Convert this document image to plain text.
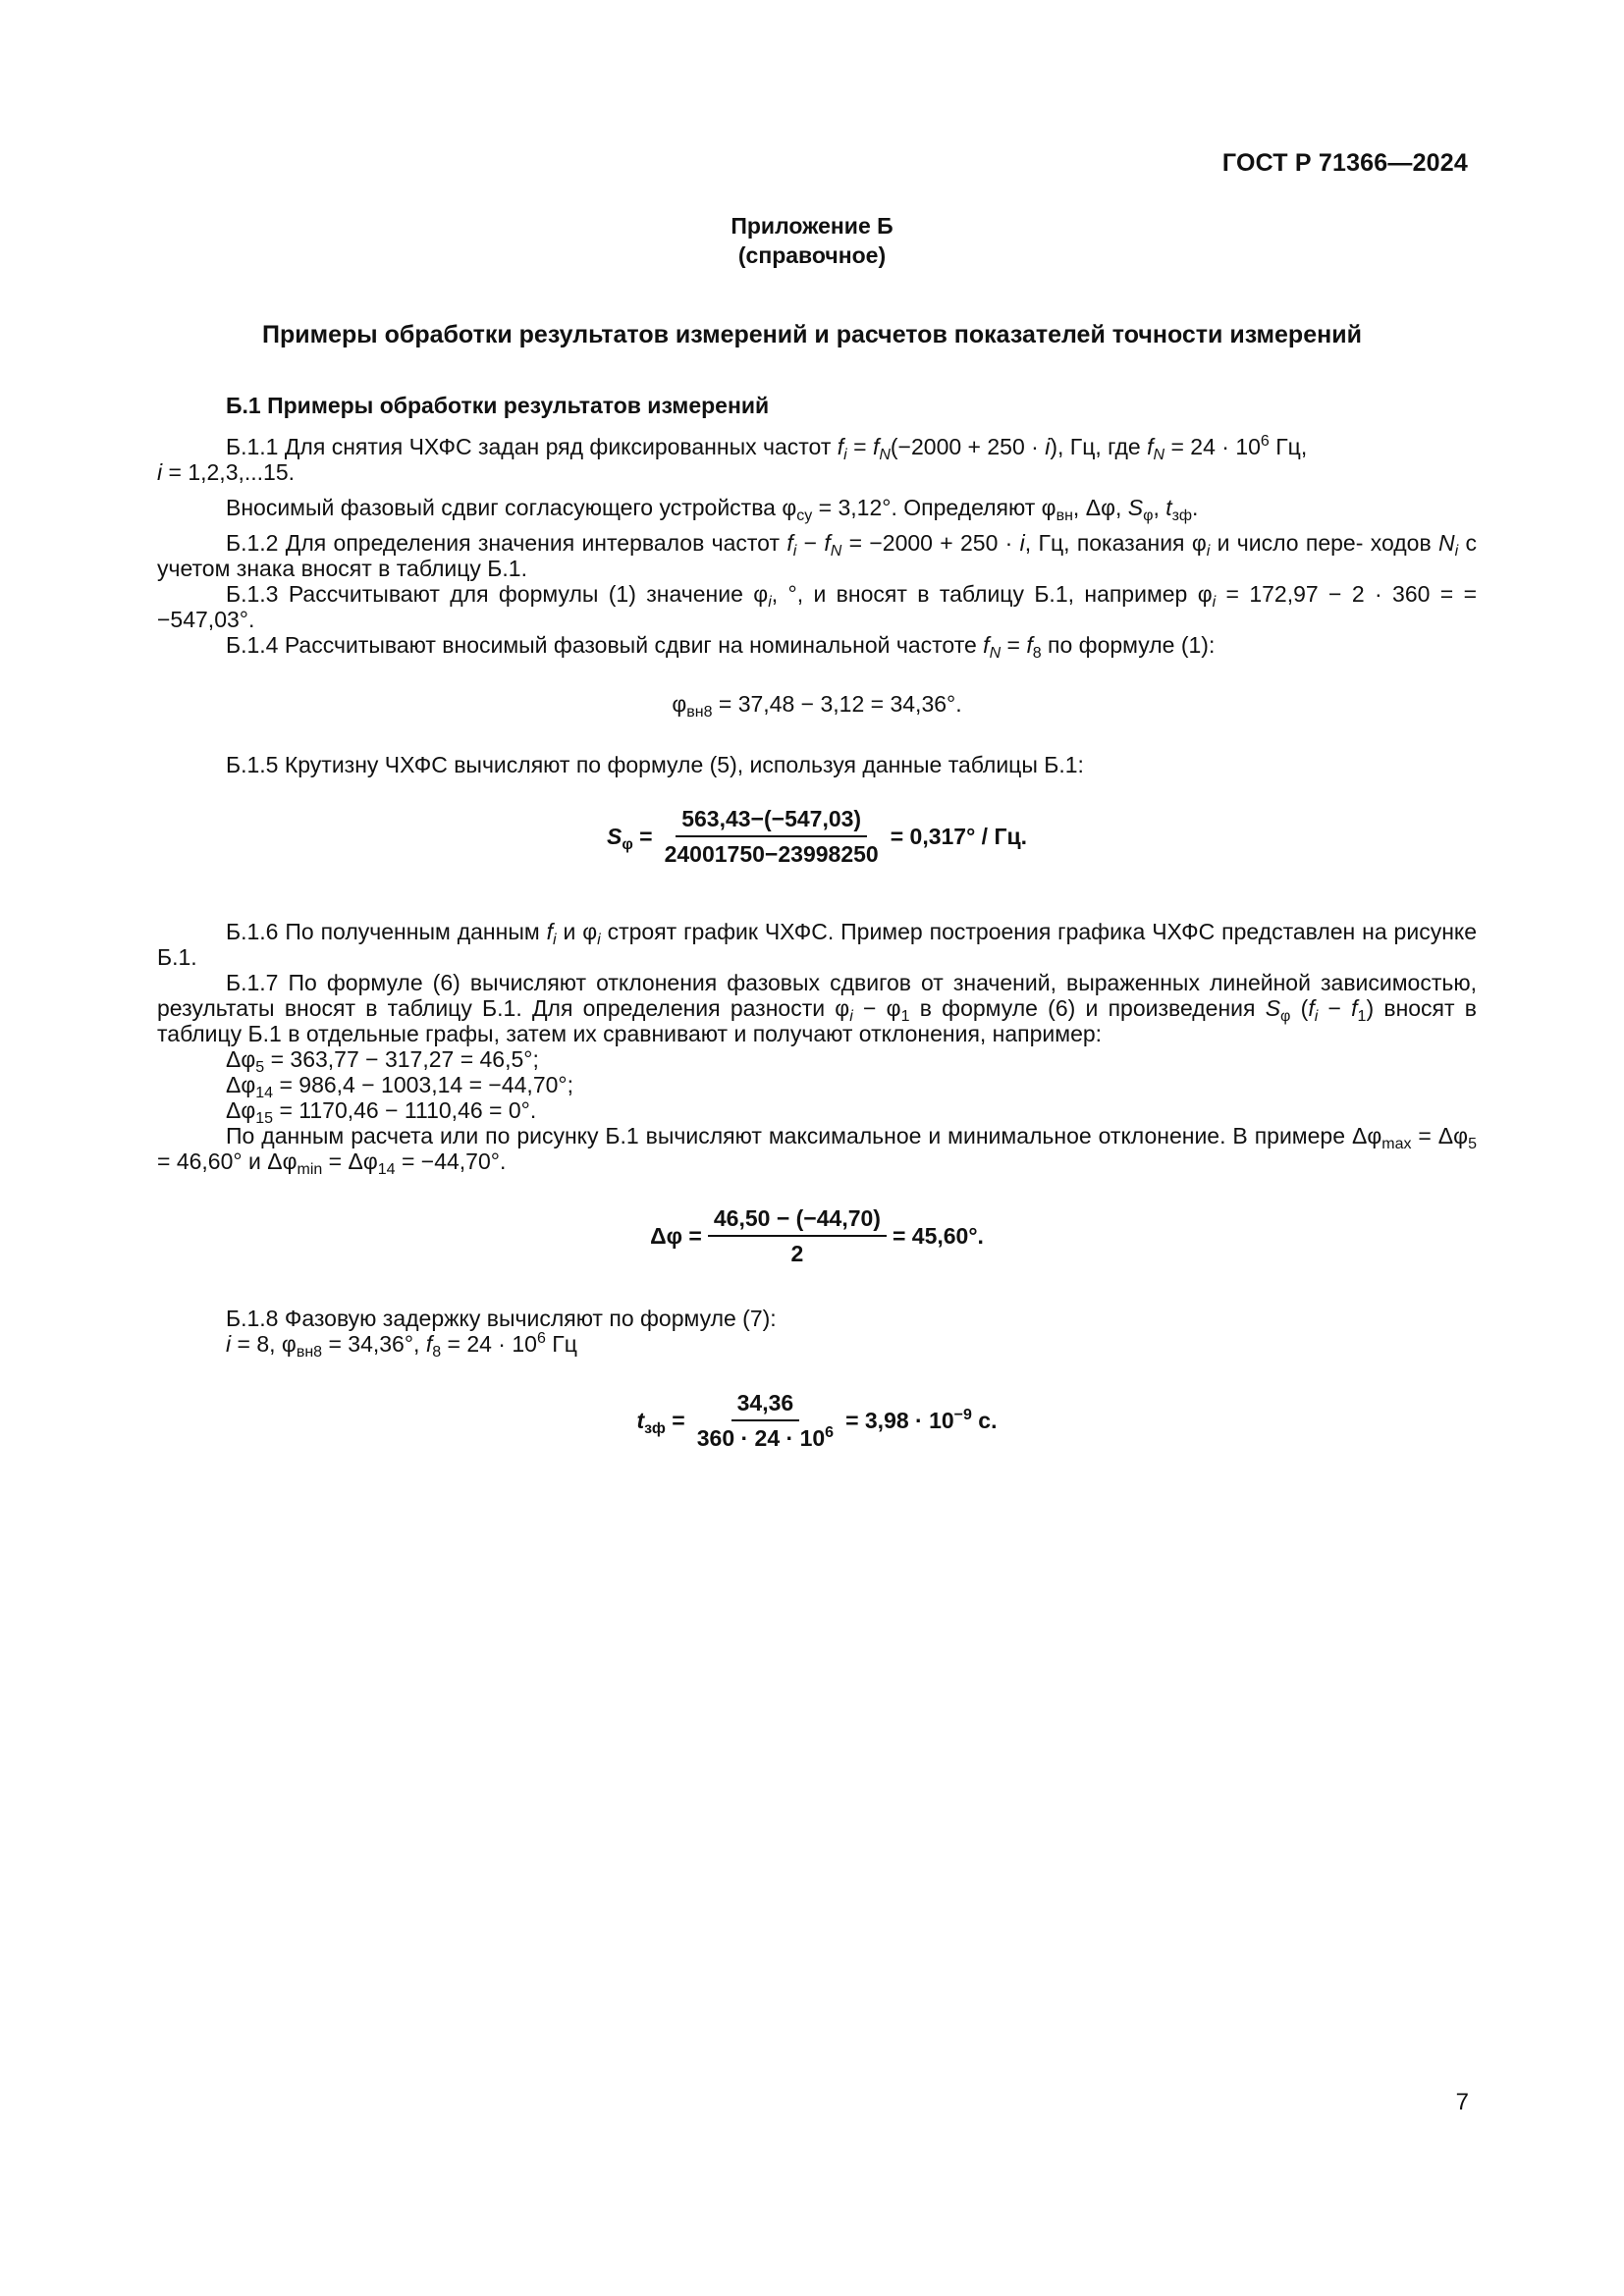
ГОСТ Р 71366—2024
Приложение Б
(справочное)
Примеры обработки результатов измерений и расчетов показателей точности измерений
Б.1 Примеры обработки результатов измерений

Б.1.1 Для снятия ЧХФС задан ряд фиксированных частот $f_i = f_N(-2000 + 250 \cdot i)$, Гц, где $f_N = 24 \cdot 10^6$ Гц,

i = 1,2,3,...15.

Вносимый фазовый сдвиг согласующего устройства $\varphi_{су} = 3,12^\circ$. Определяют $\varphi_{вн}$, Δφ, $S_\varphi$, $t_{зф}$.

Б.1.2 Для определения значения интервалов частот $f_i - f_N = -2000 + 250 \cdot i$, Гц, показания $\varphi_i$ и число пере- ходов $N_i$ с учетом знака вносят в таблицу Б.1.

Б.1.3 Рассчитывают для формулы (1) значение $\varphi_i$, °, и вносят в таблицу Б.1, например $\varphi_i = 172,97 - 2 \cdot 360$ = = −547,03°.

Б.1.4 Рассчитывают вносимый фазовый сдвиг на номинальной частоте $f_N = f_8$ по формуле (1):

$\varphi_{вн8} = 37,48 - 3,12 = 34,36^\circ$.

Б.1.5 Крутизну ЧХФС вычисляют по формуле (5), используя данные таблицы Б.1:

$S_\varphi = \frac{563,43-(-547,03)}{24001750-23998250} = 0,317^\circ$ / Гц.

Б.1.6 По полученным данным $f_i$ и $\varphi_i$ строят график ЧХФС. Пример построения графика ЧХФС представлен на рисунке Б.1.

Б.1.7 По формуле (6) вычисляют отклонения фазовых сдвигов от значений, выраженных линейной зависимостью, результаты вносят в таблицу Б.1. Для определения разности $\varphi_i - \varphi_1$ в формуле (6) и произведения $S_\varphi$ $(f_i - f_1)$ вносят в таблицу Б.1 в отдельные графы, затем их сравнивают и получают отклонения, например:

$\Delta\varphi_5 = 363,77 - 317,27 = 46,5^\circ$;

$\Delta\varphi_{14} = 986,4 - 1003,14 = -44,70^\circ$;

$\Delta\varphi_{15} = 1170,46 - 1110,46 = 0^\circ$.

По данным расчета или по рисунку Б.1 вычисляют максимальное и минимальное отклонение. В примере $\Delta\varphi_{max} = \Delta\varphi_5 = 46,60^\circ$ и $\Delta\varphi_{min} = \Delta\varphi_{14} = -44,70^\circ$.

$\Delta\varphi = \frac{46,50 - (-44,70)}{2} = 45,60^\circ$.

Б.1.8 Фазовую задержку вычисляют по формуле (7):

i = 8, $\varphi_{вн8} = 34,36^\circ$, $f_8 = 24 \cdot 10^6$ Гц

$t_{зф} = \frac{34,36}{360 \cdot 24 \cdot 10^6} = 3,98 \cdot 10^{-9}$ c.
7
